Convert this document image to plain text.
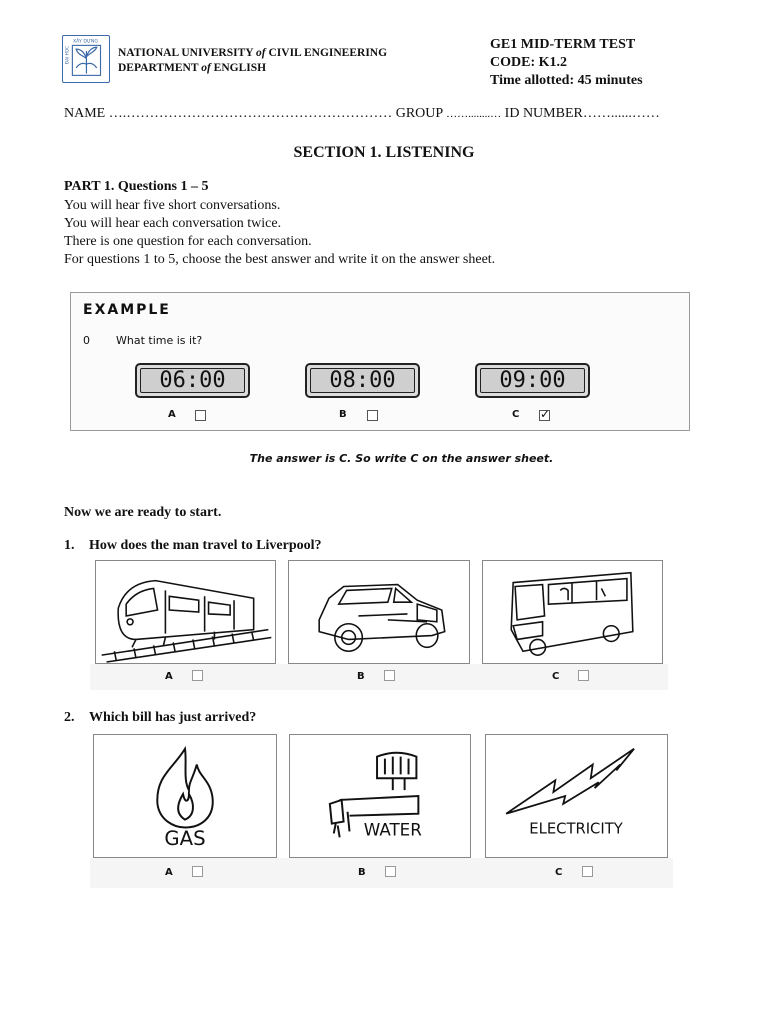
XÂY DỰNG
ĐẠI HỌC	NATIONAL UNIVERSITY of CIVIL ENGINEERING
DEPARTMENT of ENGLISH
GE1 MID-TERM TEST
CODE: K1.2
Time allotted: 45 minutes
NAME ….………………………………………………… GROUP ……........… ID NUMBER……......……
SECTION 1. LISTENING
PART 1. Questions 1 – 5
You will hear five short conversations.
You will hear each conversation twice.
There is one question for each conversation.
For questions 1 to 5, choose the best answer and write it on the answer sheet.
EXAMPLE
0 What time is it?
06:00	08:00	09:00
A	B	C ✓
The answer is C. So write C on the answer sheet.
Now we are ready to start.
1. How does the man travel to Liverpool?
A	B	C
2. Which bill has just arrived?
GAS	WATER	ELECTRICITY
A	B	C
